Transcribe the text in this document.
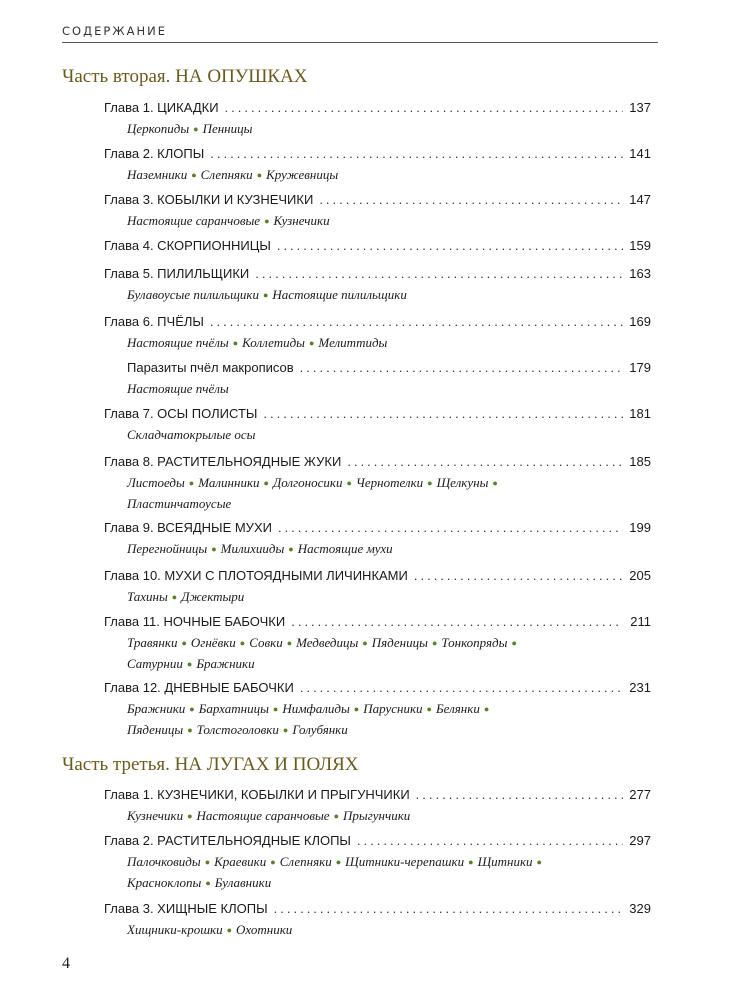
СОДЕРЖАНИЕ
Часть вторая. НА ОПУШКАХ
Глава 1. ЦИКАДКИ .....	137
Церкопиды ● Пенницы
Глава 2. КЛОПЫ .....	141
Наземники ● Слепняки ● Кружевницы
Глава 3. КОБЫЛКИ И КУЗНЕЧИКИ .....	147
Настоящие саранчовые ● Кузнечики
Глава 4. СКОРПИОННИЦЫ .....	159
Глава 5. ПИЛИЛЬЩИКИ .....	163
Булавоусые пилильщики ● Настоящие пилильщики
Глава 6. ПЧЁЛЫ .....	169
Настоящие пчёлы ● Коллетиды ● Мелиттиды
Паразиты пчёл макрописов .....	179
Настоящие пчёлы
Глава 7. ОСЫ ПОЛИСТЫ .....	181
Складчатокрылые осы
Глава 8. РАСТИТЕЛЬНОЯДНЫЕ ЖУКИ .....	185
Листоеды ● Малинники ● Долгоносики ● Чернотелки ● Щелкуны ●
Пластинчатоусые
Глава 9. ВСЕЯДНЫЕ МУХИ .....	199
Перегнойницы ● Милихииды ● Настоящие мухи
Глава 10. МУХИ С ПЛОТОЯДНЫМИ ЛИЧИНКАМИ .....	205
Тахины ● Джектыри
Глава 11. НОЧНЫЕ БАБОЧКИ .....	211
Травянки ● Огнёвки ● Совки ● Медведицы ● Пяденицы ● Тонкопряды ●
Сатурнии ● Бражники
Глава 12. ДНЕВНЫЕ БАБОЧКИ .....	231
Бражники ● Бархатницы ● Нимфалиды ● Парусники ● Белянки ●
Пяденицы ● Толстоголовки ● Голубянки
Часть третья. НА ЛУГАХ И ПОЛЯХ
Глава 1. КУЗНЕЧИКИ, КОБЫЛКИ И ПРЫГУНЧИКИ .....	277
Кузнечики ● Настоящие саранчовые ● Прыгунчики
Глава 2. РАСТИТЕЛЬНОЯДНЫЕ КЛОПЫ .....	297
Палочковиды ● Краевики ● Слепняки ● Щитники-черепашки ● Щитники ●
Красноклопы ● Булавники
Глава 3. ХИЩНЫЕ КЛОПЫ .....	329
Хищники-крошки ● Охотники
4
